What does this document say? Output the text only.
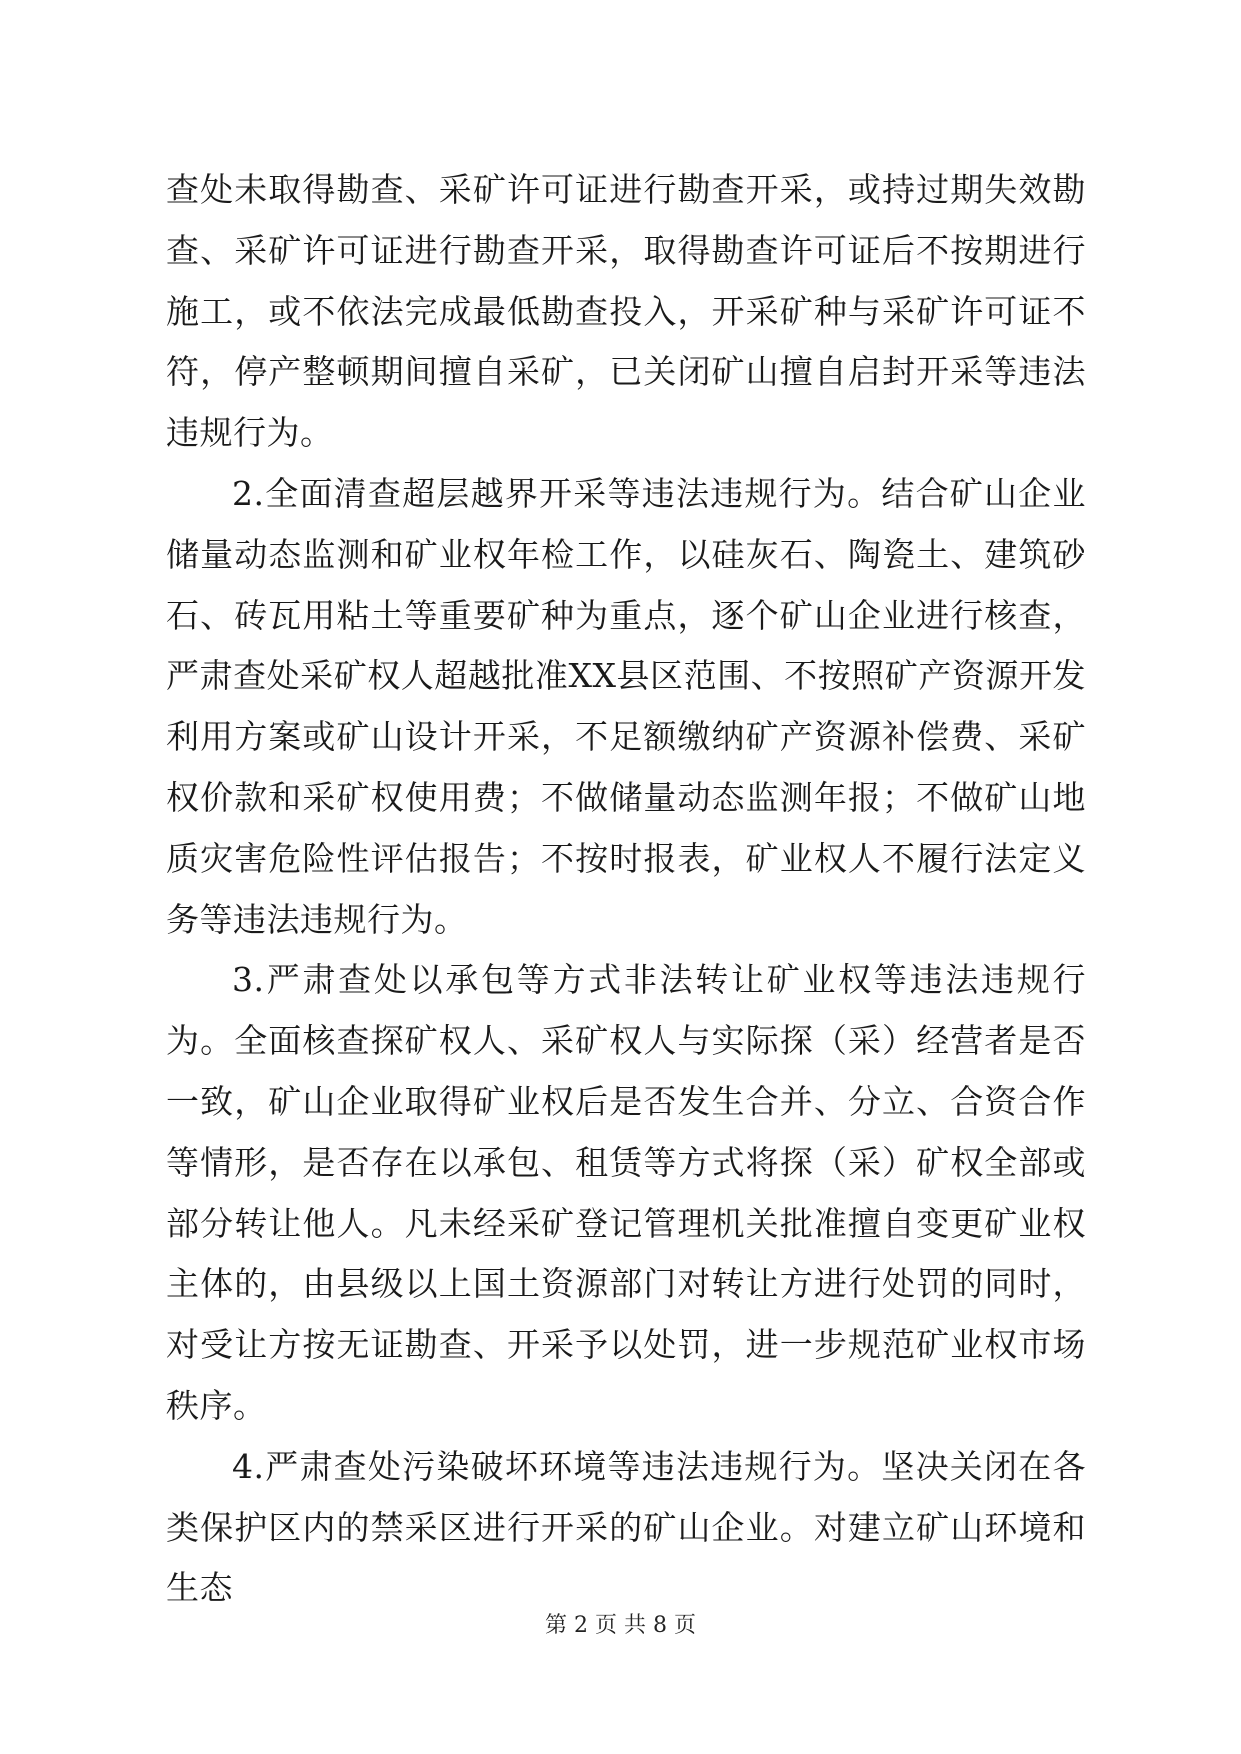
查处未取得勘查、采矿许可证进行勘查开采，或持过期失效勘查、采矿许可证进行勘查开采，取得勘查许可证后不按期进行施工，或不依法完成最低勘查投入，开采矿种与采矿许可证不符，停产整顿期间擅自采矿，已关闭矿山擅自启封开采等违法违规行为。

2.全面清查超层越界开采等违法违规行为。结合矿山企业储量动态监测和矿业权年检工作，以硅灰石、陶瓷土、建筑砂石、砖瓦用粘土等重要矿种为重点，逐个矿山企业进行核查，严肃查处采矿权人超越批准XX县区范围、不按照矿产资源开发利用方案或矿山设计开采，不足额缴纳矿产资源补偿费、采矿权价款和采矿权使用费；不做储量动态监测年报；不做矿山地质灾害危险性评估报告；不按时报表，矿业权人不履行法定义务等违法违规行为。

3.严肃查处以承包等方式非法转让矿业权等违法违规行为。全面核查探矿权人、采矿权人与实际探（采）经营者是否一致，矿山企业取得矿业权后是否发生合并、分立、合资合作等情形，是否存在以承包、租赁等方式将探（采）矿权全部或部分转让他人。凡未经采矿登记管理机关批准擅自变更矿业权主体的，由县级以上国土资源部门对转让方进行处罚的同时，对受让方按无证勘查、开采予以处罚，进一步规范矿业权市场秩序。

4.严肃查处污染破坏环境等违法违规行为。坚决关闭在各类保护区内的禁采区进行开采的矿山企业。对建立矿山环境和生态

第 2 页 共 8 页
